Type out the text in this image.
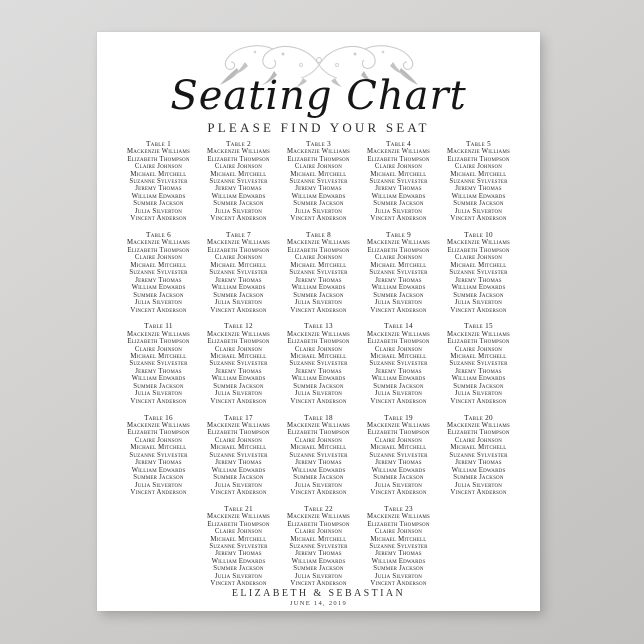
Seating Chart
PLEASE FIND YOUR SEAT
Table 1
Mackenzie Williams
Elizabeth Thompson
Claire Johnson
Michael Mitchell
Suzanne Sylvester
Jeremy Thomas
William Edwards
Summer Jackson
Julia Silverton
Vincent Anderson
Table 2
Mackenzie Williams
Elizabeth Thompson
Claire Johnson
Michael Mitchell
Suzanne Sylvester
Jeremy Thomas
William Edwards
Summer Jackson
Julia Silverton
Vincent Anderson
Table 3
Mackenzie Williams
Elizabeth Thompson
Claire Johnson
Michael Mitchell
Suzanne Sylvester
Jeremy Thomas
William Edwards
Summer Jackson
Julia Silverton
Vincent Anderson
Table 4
Mackenzie Williams
Elizabeth Thompson
Claire Johnson
Michael Mitchell
Suzanne Sylvester
Jeremy Thomas
William Edwards
Summer Jackson
Julia Silverton
Vincent Anderson
Table 5
Mackenzie Williams
Elizabeth Thompson
Claire Johnson
Michael Mitchell
Suzanne Sylvester
Jeremy Thomas
William Edwards
Summer Jackson
Julia Silverton
Vincent Anderson
Table 6
Mackenzie Williams
Elizabeth Thompson
Claire Johnson
Michael Mitchell
Suzanne Sylvester
Jeremy Thomas
William Edwards
Summer Jackson
Julia Silverton
Vincent Anderson
Table 7
Mackenzie Williams
Elizabeth Thompson
Claire Johnson
Michael Mitchell
Suzanne Sylvester
Jeremy Thomas
William Edwards
Summer Jackson
Julia Silverton
Vincent Anderson
Table 8
Mackenzie Williams
Elizabeth Thompson
Claire Johnson
Michael Mitchell
Suzanne Sylvester
Jeremy Thomas
William Edwards
Summer Jackson
Julia Silverton
Vincent Anderson
Table 9
Mackenzie Williams
Elizabeth Thompson
Claire Johnson
Michael Mitchell
Suzanne Sylvester
Jeremy Thomas
William Edwards
Summer Jackson
Julia Silverton
Vincent Anderson
Table 10
Mackenzie Williams
Elizabeth Thompson
Claire Johnson
Michael Mitchell
Suzanne Sylvester
Jeremy Thomas
William Edwards
Summer Jackson
Julia Silverton
Vincent Anderson
Table 11
Mackenzie Williams
Elizabeth Thompson
Claire Johnson
Michael Mitchell
Suzanne Sylvester
Jeremy Thomas
William Edwards
Summer Jackson
Julia Silverton
Vincent Anderson
Table 12
Mackenzie Williams
Elizabeth Thompson
Claire Johnson
Michael Mitchell
Suzanne Sylvester
Jeremy Thomas
William Edwards
Summer Jackson
Julia Silverton
Vincent Anderson
Table 13
Mackenzie Williams
Elizabeth Thompson
Claire Johnson
Michael Mitchell
Suzanne Sylvester
Jeremy Thomas
William Edwards
Summer Jackson
Julia Silverton
Vincent Anderson
Table 14
Mackenzie Williams
Elizabeth Thompson
Claire Johnson
Michael Mitchell
Suzanne Sylvester
Jeremy Thomas
William Edwards
Summer Jackson
Julia Silverton
Vincent Anderson
Table 15
Mackenzie Williams
Elizabeth Thompson
Claire Johnson
Michael Mitchell
Suzanne Sylvester
Jeremy Thomas
William Edwards
Summer Jackson
Julia Silverton
Vincent Anderson
Table 16
Mackenzie Williams
Elizabeth Thompson
Claire Johnson
Michael Mitchell
Suzanne Sylvester
Jeremy Thomas
William Edwards
Summer Jackson
Julia Silverton
Vincent Anderson
Table 17
Mackenzie Williams
Elizabeth Thompson
Claire Johnson
Michael Mitchell
Suzanne Sylvester
Jeremy Thomas
William Edwards
Summer Jackson
Julia Silverton
Vincent Anderson
Table 18
Mackenzie Williams
Elizabeth Thompson
Claire Johnson
Michael Mitchell
Suzanne Sylvester
Jeremy Thomas
William Edwards
Summer Jackson
Julia Silverton
Vincent Anderson
Table 19
Mackenzie Williams
Elizabeth Thompson
Claire Johnson
Michael Mitchell
Suzanne Sylvester
Jeremy Thomas
William Edwards
Summer Jackson
Julia Silverton
Vincent Anderson
Table 20
Mackenzie Williams
Elizabeth Thompson
Claire Johnson
Michael Mitchell
Suzanne Sylvester
Jeremy Thomas
William Edwards
Summer Jackson
Julia Silverton
Vincent Anderson
Table 21
Mackenzie Williams
Elizabeth Thompson
Claire Johnson
Michael Mitchell
Suzanne Sylvester
Jeremy Thomas
William Edwards
Summer Jackson
Julia Silverton
Vincent Anderson
Table 22
Mackenzie Williams
Elizabeth Thompson
Claire Johnson
Michael Mitchell
Suzanne Sylvester
Jeremy Thomas
William Edwards
Summer Jackson
Julia Silverton
Vincent Anderson
Table 23
Mackenzie Williams
Elizabeth Thompson
Claire Johnson
Michael Mitchell
Suzanne Sylvester
Jeremy Thomas
William Edwards
Summer Jackson
Julia Silverton
Vincent Anderson
ELIZABETH & SEBASTIAN
JUNE 14, 2019
